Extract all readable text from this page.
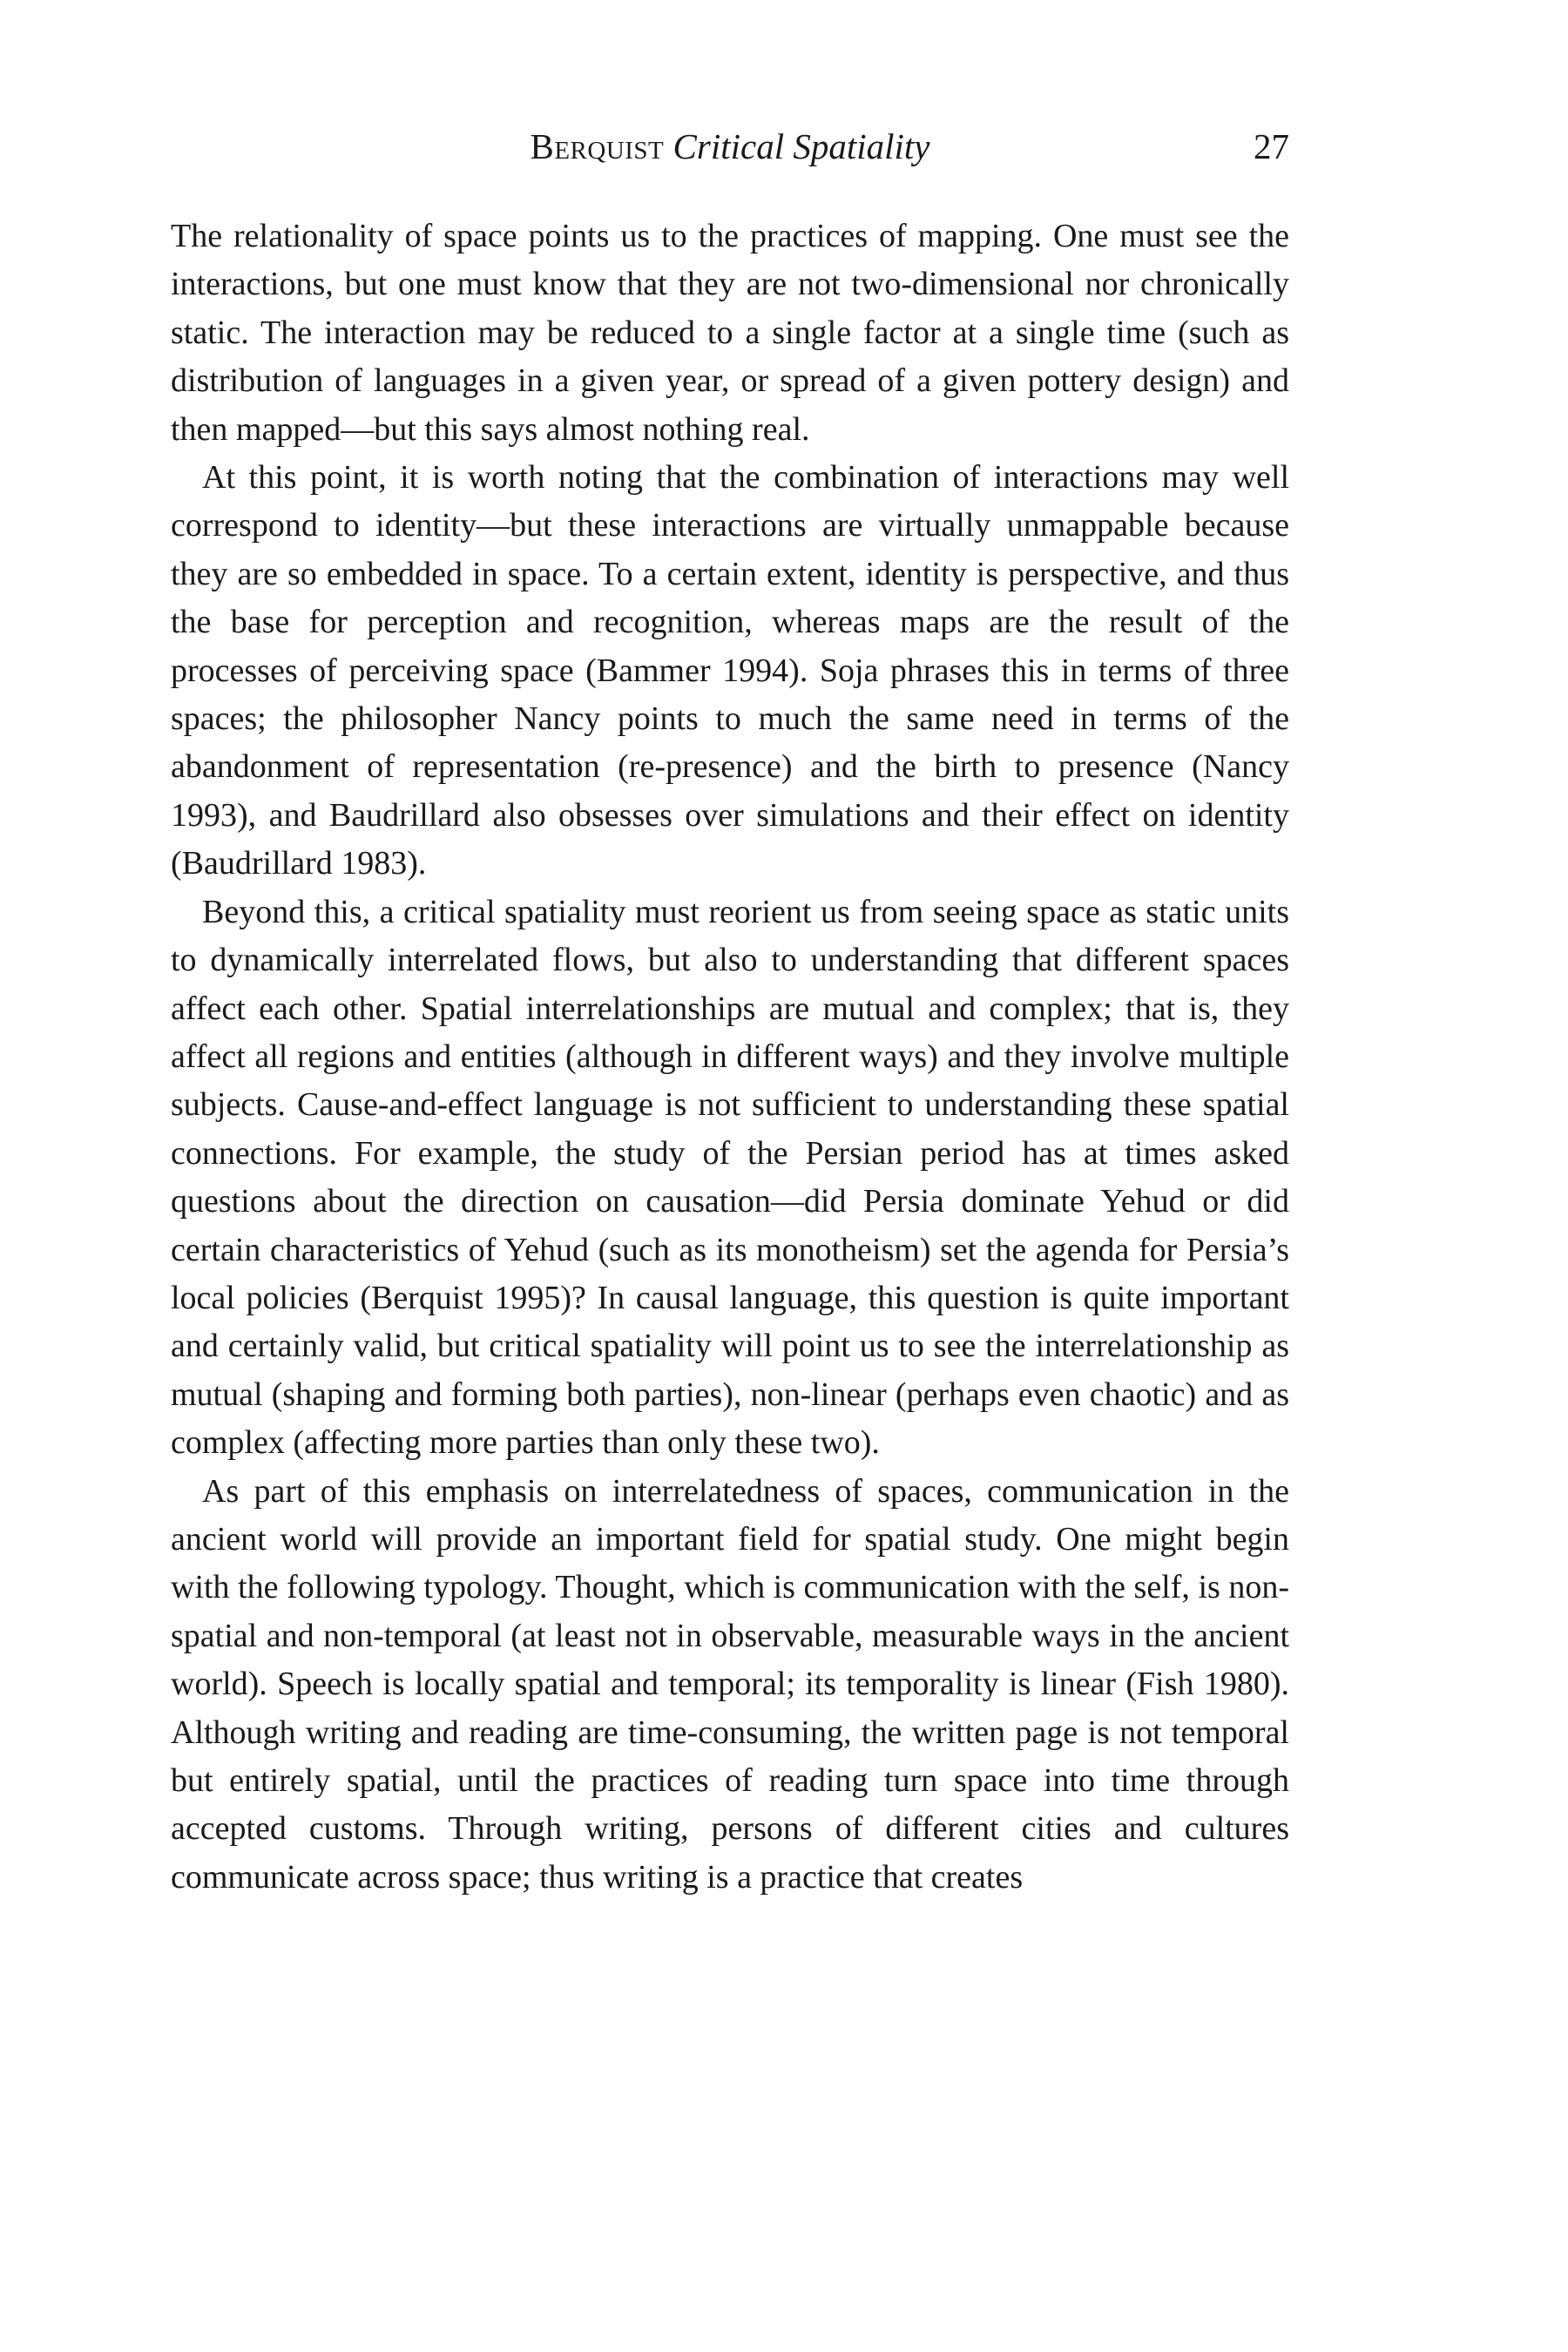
Berquist Critical Spatiality	27

The relationality of space points us to the practices of mapping. One must see the interactions, but one must know that they are not two-dimensional nor chronically static. The interaction may be reduced to a single factor at a single time (such as distribution of languages in a given year, or spread of a given pottery design) and then mapped—but this says almost nothing real.

At this point, it is worth noting that the combination of interactions may well correspond to identity—but these interactions are virtually unmappable because they are so embedded in space. To a certain extent, identity is perspective, and thus the base for perception and recognition, whereas maps are the result of the processes of perceiving space (Bammer 1994). Soja phrases this in terms of three spaces; the philosopher Nancy points to much the same need in terms of the abandonment of representation (re-presence) and the birth to presence (Nancy 1993), and Baudrillard also obsesses over simulations and their effect on identity (Baudrillard 1983).

Beyond this, a critical spatiality must reorient us from seeing space as static units to dynamically interrelated flows, but also to understanding that different spaces affect each other. Spatial interrelationships are mutual and complex; that is, they affect all regions and entities (although in different ways) and they involve multiple subjects. Cause-and-effect language is not sufficient to understanding these spatial connections. For example, the study of the Persian period has at times asked questions about the direction on causation—did Persia dominate Yehud or did certain characteristics of Yehud (such as its monotheism) set the agenda for Persia’s local policies (Berquist 1995)? In causal language, this question is quite important and certainly valid, but critical spatiality will point us to see the interrelationship as mutual (shaping and forming both parties), non-linear (perhaps even chaotic) and as complex (affecting more parties than only these two).

As part of this emphasis on interrelatedness of spaces, communication in the ancient world will provide an important field for spatial study. One might begin with the following typology. Thought, which is communication with the self, is non-spatial and non-temporal (at least not in observable, measurable ways in the ancient world). Speech is locally spatial and temporal; its temporality is linear (Fish 1980). Although writing and reading are time-consuming, the written page is not temporal but entirely spatial, until the practices of reading turn space into time through accepted customs. Through writing, persons of different cities and cultures communicate across space; thus writing is a practice that creates
